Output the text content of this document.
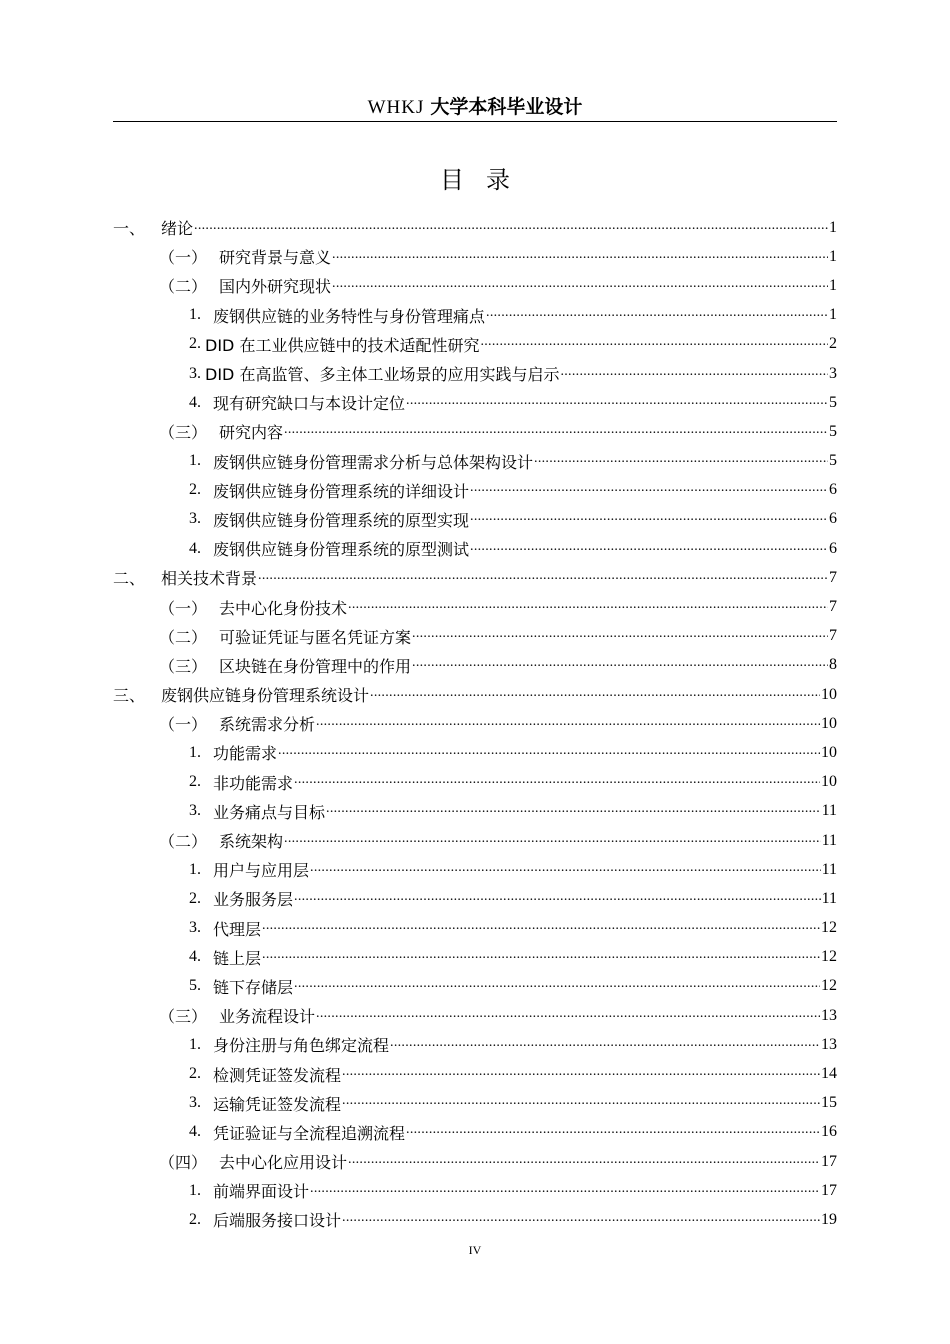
WHKJ 大学本科毕业设计
目录
一、 绪论 .....	1
（一） 研究背景与意义 .....	1
（二） 国内外研究现状 .....	1
1. 废钢供应链的业务特性与身份管理痛点 .....	1
2. DID 在工业供应链中的技术适配性研究 .....	2
3. DID 在高监管、多主体工业场景的应用实践与启示 .....	3
4. 现有研究缺口与本设计定位 .....	5
（三） 研究内容 .....	5
1. 废钢供应链身份管理需求分析与总体架构设计 .....	5
2. 废钢供应链身份管理系统的详细设计 .....	6
3. 废钢供应链身份管理系统的原型实现 .....	6
4. 废钢供应链身份管理系统的原型测试 .....	6
二、 相关技术背景 .....	7
（一） 去中心化身份技术 .....	7
（二） 可验证凭证与匿名凭证方案 .....	7
（三） 区块链在身份管理中的作用 .....	8
三、 废钢供应链身份管理系统设计 .....	10
（一） 系统需求分析 .....	10
1. 功能需求 .....	10
2. 非功能需求 .....	10
3. 业务痛点与目标 .....	11
（二） 系统架构 .....	11
1. 用户与应用层 .....	11
2. 业务服务层 .....	11
3. 代理层 .....	12
4. 链上层 .....	12
5. 链下存储层 .....	12
（三） 业务流程设计 .....	13
1. 身份注册与角色绑定流程 .....	13
2. 检测凭证签发流程 .....	14
3. 运输凭证签发流程 .....	15
4. 凭证验证与全流程追溯流程 .....	16
（四） 去中心化应用设计 .....	17
1. 前端界面设计 .....	17
2. 后端服务接口设计 .....	19
IV
